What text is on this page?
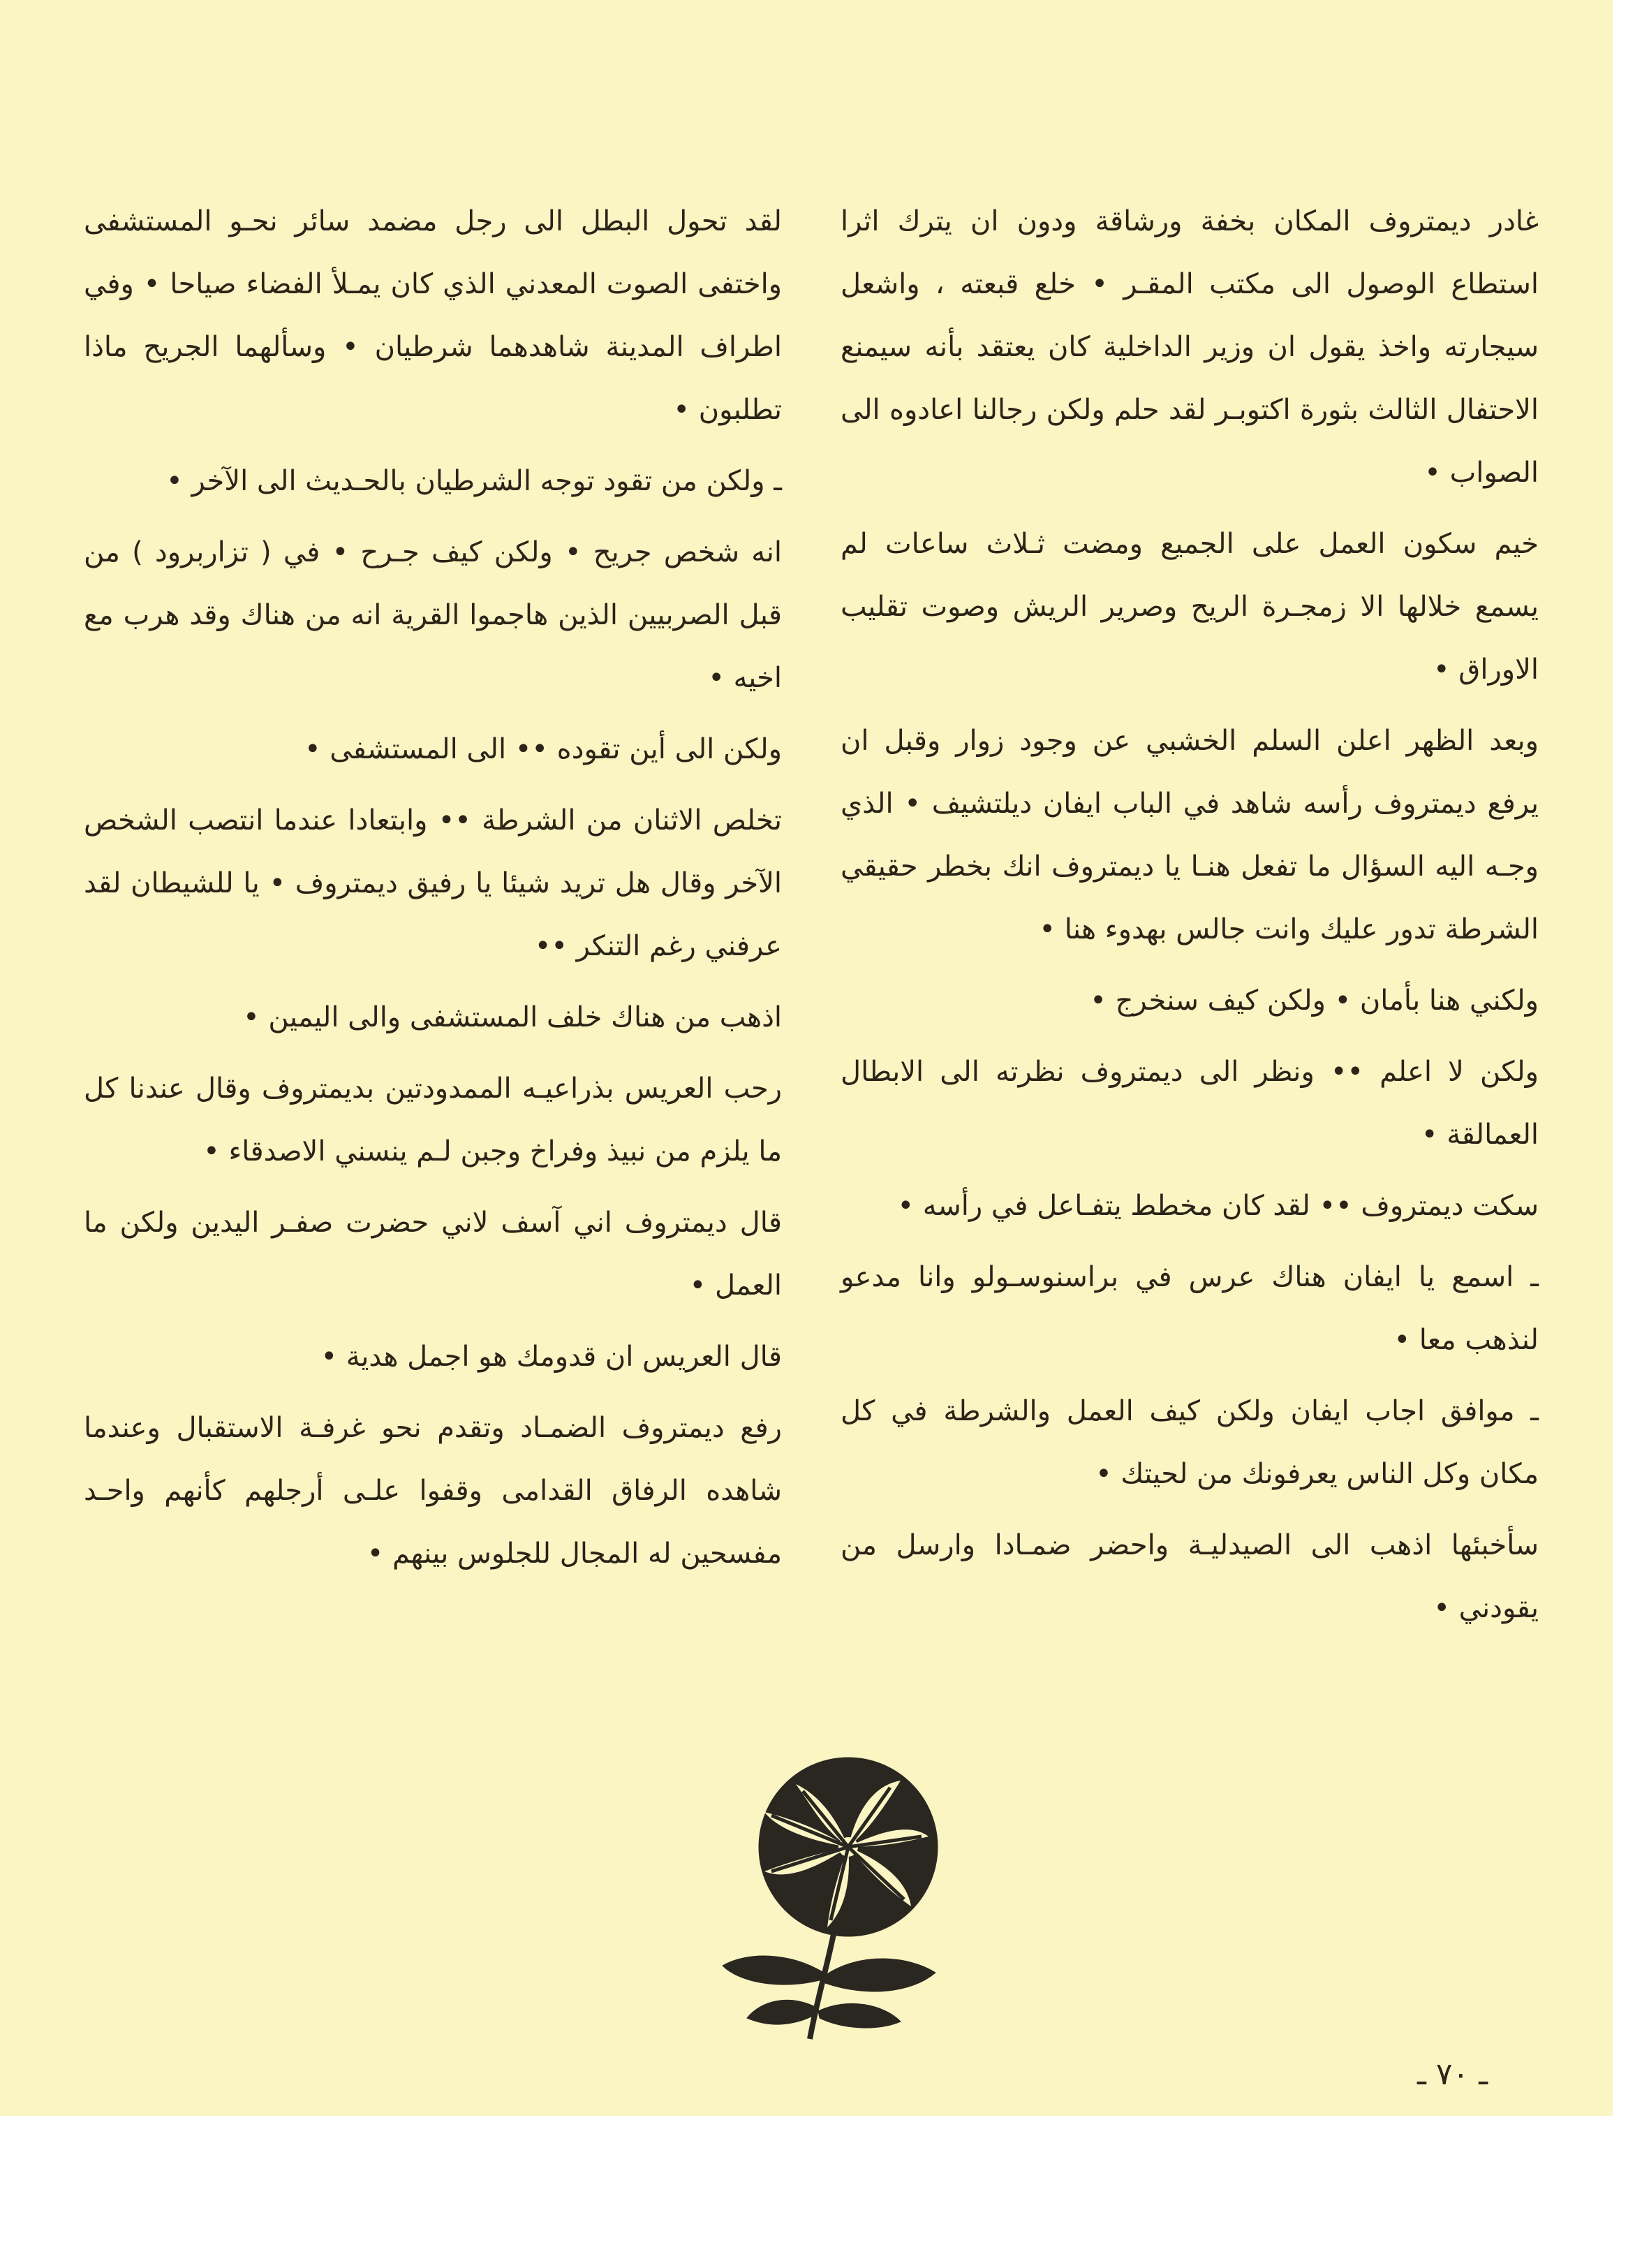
غادر ديمتروف المكان بخفة ورشاقة ودون ان يترك اثرا استطاع الوصول الى مكتب المقـر • خلع قبعته ، واشعل سيجارته واخذ يقول ان وزير الداخلية كان يعتقد بأنه سيمنع الاحتفال الثالث بثورة اكتوبـر لقد حلم ولكن رجالنا اعادوه الى الصواب •

خيم سكون العمل على الجميع ومضت ثـلاث ساعات لم يسمع خلالها الا زمجـرة الريح وصرير الريش وصوت تقليب الاوراق •

وبعد الظهر اعلن السلم الخشبي عن وجود زوار وقبل ان يرفع ديمتروف رأسه شاهد في الباب ايفان ديلتشيف • الذي وجـه اليه السؤال ما تفعل هنـا يا ديمتروف انك بخطر حقيقي الشرطة تدور عليك وانت جالس بهدوء هنا •

ولكني هنا بأمان • ولكن كيف سنخرج •

ولكن لا اعلم •• ونظر الى ديمتروف نظرته الى الابطال العمالقة •

سكت ديمتروف •• لقد كان مخطط يتفـاعل في رأسه •

ـ اسمع يا ايفان هناك عرس في براسنوسـولو وانا مدعو لنذهب معا •

ـ موافق اجاب ايفان ولكن كيف العمل والشرطة في كل مكان وكل الناس يعرفونك من لحيتك •

سأخبئها اذهب الى الصيدليـة واحضر ضمـادا وارسل من يقودني •

لقد تحول البطل الى رجل مضمد سائر نحـو المستشفى واختفى الصوت المعدني الذي كان يمـلأ الفضاء صياحا • وفي اطراف المدينة شاهدهما شرطيان • وسألهما الجريح ماذا تطلبون •

ـ ولكن من تقود توجه الشرطيان بالحـديث الى الآخر •

انه شخص جريح • ولكن كيف جـرح • في ( تزاربرود ) من قبل الصربيين الذين هاجموا القرية انه من هناك وقد هرب مع اخيه •

ولكن الى أين تقوده •• الى المستشفى •

تخلص الاثنان من الشرطة •• وابتعادا عندما انتصب الشخص الآخر وقال هل تريد شيئا يا رفيق ديمتروف • يا للشيطان لقد عرفني رغم التنكر ••

اذهب من هناك خلف المستشفى والى اليمين •

رحب العريس بذراعيـه الممدودتين بديمتروف وقال عندنا كل ما يلزم من نبيذ وفراخ وجبن لـم ينسني الاصدقاء •

قال ديمتروف اني آسف لاني حضرت صفـر اليدين ولكن ما العمل •

قال العريس ان قدومك هو اجمل هدية •

رفع ديمتروف الضمـاد وتقدم نحو غرفـة الاستقبال وعندما شاهده الرفاق القدامى وقفوا علـى أرجلهم كأنهم واحـد مفسحين له المجال للجلوس بينهم •

ـ ٧٠ ـ
